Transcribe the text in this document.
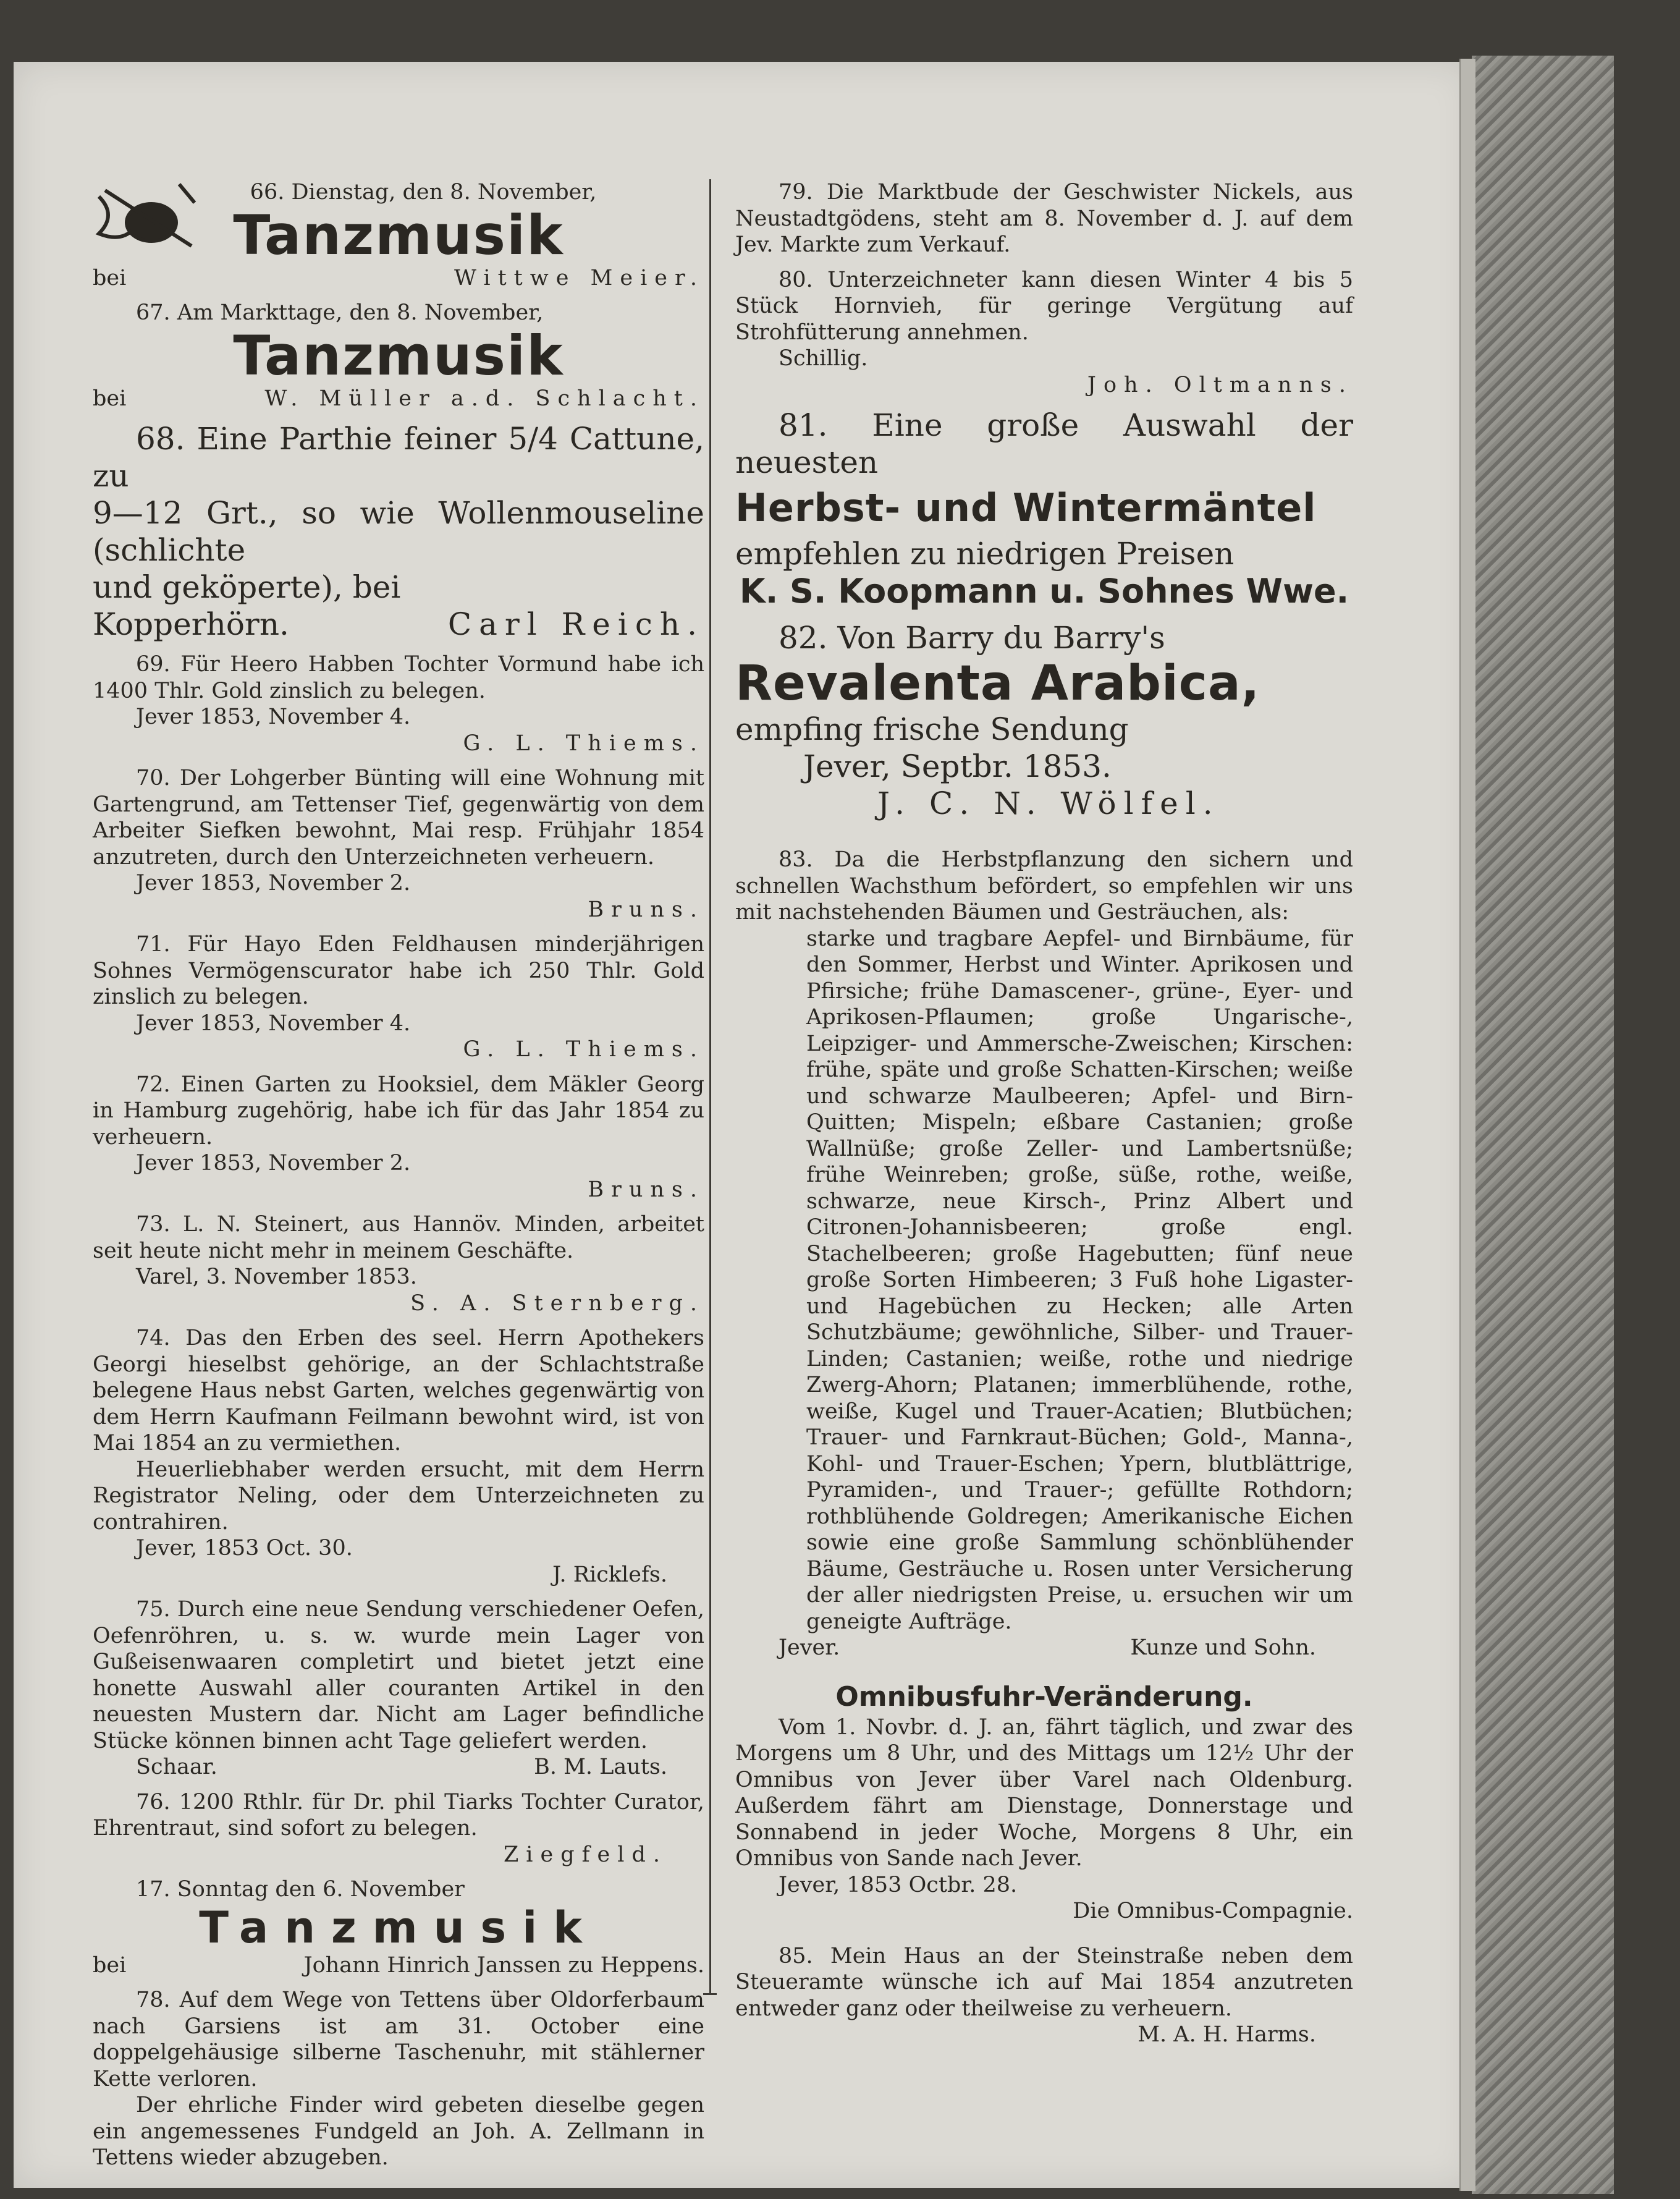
66. Dienstag, den 8. November,

Tanzmusik

bei	Wittwe Meier.

67. Am Markttage, den 8. November,

Tanzmusik

bei	W. Müller a.d. Schlacht.

68. Eine Parthie feiner 5/4 Cattune, zu

9—12 Grt., so wie Wollenmouseline (schlichte

und geköperte), bei

Kopperhörn.	Carl Reich.

69. Für Heero Habben Tochter Vormund habe ich 1400 Thlr. Gold zinslich zu belegen.

Jever 1853, November 4.

G. L. Thiems.

70. Der Lohgerber Bünting will eine Wohnung mit Gartengrund, am Tettenser Tief, gegenwärtig von dem Arbeiter Siefken bewohnt, Mai resp. Frühjahr 1854 anzutreten, durch den Unterzeichneten verheuern.

Jever 1853, November 2.

Bruns.

71. Für Hayo Eden Feldhausen minderjährigen Sohnes Vermögenscurator habe ich 250 Thlr. Gold zinslich zu belegen.

Jever 1853, November 4.

G. L. Thiems.

72. Einen Garten zu Hooksiel, dem Mäkler Georg in Hamburg zugehörig, habe ich für das Jahr 1854 zu verheuern.

Jever 1853, November 2.

Bruns.

73. L. N. Steinert, aus Hannöv. Minden, arbeitet seit heute nicht mehr in meinem Geschäfte.

Varel, 3. November 1853.

S. A. Sternberg.

74. Das den Erben des seel. Herrn Apothekers Georgi hieselbst gehörige, an der Schlachtstraße belegene Haus nebst Garten, welches gegenwärtig von dem Herrn Kaufmann Feilmann bewohnt wird, ist von Mai 1854 an zu vermiethen.

Heuerliebhaber werden ersucht, mit dem Herrn Registrator Neling, oder dem Unterzeichneten zu contrahiren.

Jever, 1853 Oct. 30.

J. Ricklefs.

75. Durch eine neue Sendung verschiedener Oefen, Oefenröhren, u. s. w. wurde mein Lager von Gußeisenwaaren completirt und bietet jetzt eine honette Auswahl aller couranten Artikel in den neuesten Mustern dar. Nicht am Lager befindliche Stücke können binnen acht Tage geliefert werden.

Schaar.	B. M. Lauts.

76. 1200 Rthlr. für Dr. phil Tiarks Tochter Curator, Ehrentraut, sind sofort zu belegen.

Ziegfeld.

17. Sonntag den 6. November

Tanzmusik

bei	Johann Hinrich Janssen zu Heppens.

78. Auf dem Wege von Tettens über Oldorferbaum nach Garsiens ist am 31. October eine doppelgehäusige silberne Taschenuhr, mit stählerner Kette verloren.

Der ehrliche Finder wird gebeten dieselbe gegen ein angemessenes Fundgeld an Joh. A. Zellmann in Tettens wieder abzugeben.

79. Die Marktbude der Geschwister Nickels, aus Neustadtgödens, steht am 8. November d. J. auf dem Jev. Markte zum Verkauf.

80. Unterzeichneter kann diesen Winter 4 bis 5 Stück Hornvieh, für geringe Vergütung auf Strohfütterung annehmen.

Schillig.

Joh. Oltmanns.

81. Eine große Auswahl der

neuesten

Herbst- und Wintermäntel

empfehlen zu niedrigen Preisen

K. S. Koopmann u. Sohnes Wwe.

82. Von Barry du Barry's

Revalenta Arabica,

empfing frische Sendung

Jever, Septbr. 1853.

J. C. N. Wölfel.

83. Da die Herbstpflanzung den sichern und schnellen Wachsthum befördert, so empfehlen wir uns mit nachstehenden Bäumen und Gesträuchen, als:

starke und tragbare Aepfel- und Birnbäume, für den Sommer, Herbst und Winter. Aprikosen und Pfirsiche; frühe Damascener-, grüne-, Eyer- und Aprikosen-Pflaumen; große Ungarische-, Leipziger- und Ammersche-Zweischen; Kirschen: frühe, späte und große Schatten-Kirschen; weiße und schwarze Maulbeeren; Apfel- und Birn-Quitten; Mispeln; eßbare Castanien; große Wallnüße; große Zeller- und Lambertsnüße; frühe Weinreben; große, süße, rothe, weiße, schwarze, neue Kirsch-, Prinz Albert und Citronen-Johannisbeeren; große engl. Stachelbeeren; große Hagebutten; fünf neue große Sorten Himbeeren; 3 Fuß hohe Ligaster- und Hagebüchen zu Hecken; alle Arten Schutzbäume; gewöhnliche, Silber- und Trauer-Linden; Castanien; weiße, rothe und niedrige Zwerg-Ahorn; Platanen; immerblühende, rothe, weiße, Kugel und Trauer-Acatien; Blutbüchen; Trauer- und Farnkraut-Büchen; Gold-, Manna-, Kohl- und Trauer-Eschen; Ypern, blutblättrige, Pyramiden-, und Trauer-; gefüllte Rothdorn; rothblühende Goldregen; Amerikanische Eichen sowie eine große Sammlung schönblühender Bäume, Gesträuche u. Rosen unter Versicherung der aller niedrigsten Preise, u. ersuchen wir um geneigte Aufträge.

Jever.	Kunze und Sohn.

Omnibusfuhr-Veränderung.

Vom 1. Novbr. d. J. an, fährt täglich, und zwar des Morgens um 8 Uhr, und des Mittags um 12½ Uhr der Omnibus von Jever über Varel nach Oldenburg. Außerdem fährt am Dienstage, Donnerstage und Sonnabend in jeder Woche, Morgens 8 Uhr, ein Omnibus von Sande nach Jever.

Jever, 1853 Octbr. 28.

Die Omnibus-Compagnie.

85. Mein Haus an der Steinstraße neben dem Steueramte wünsche ich auf Mai 1854 anzutreten entweder ganz oder theilweise zu verheuern.

M. A. H. Harms.
